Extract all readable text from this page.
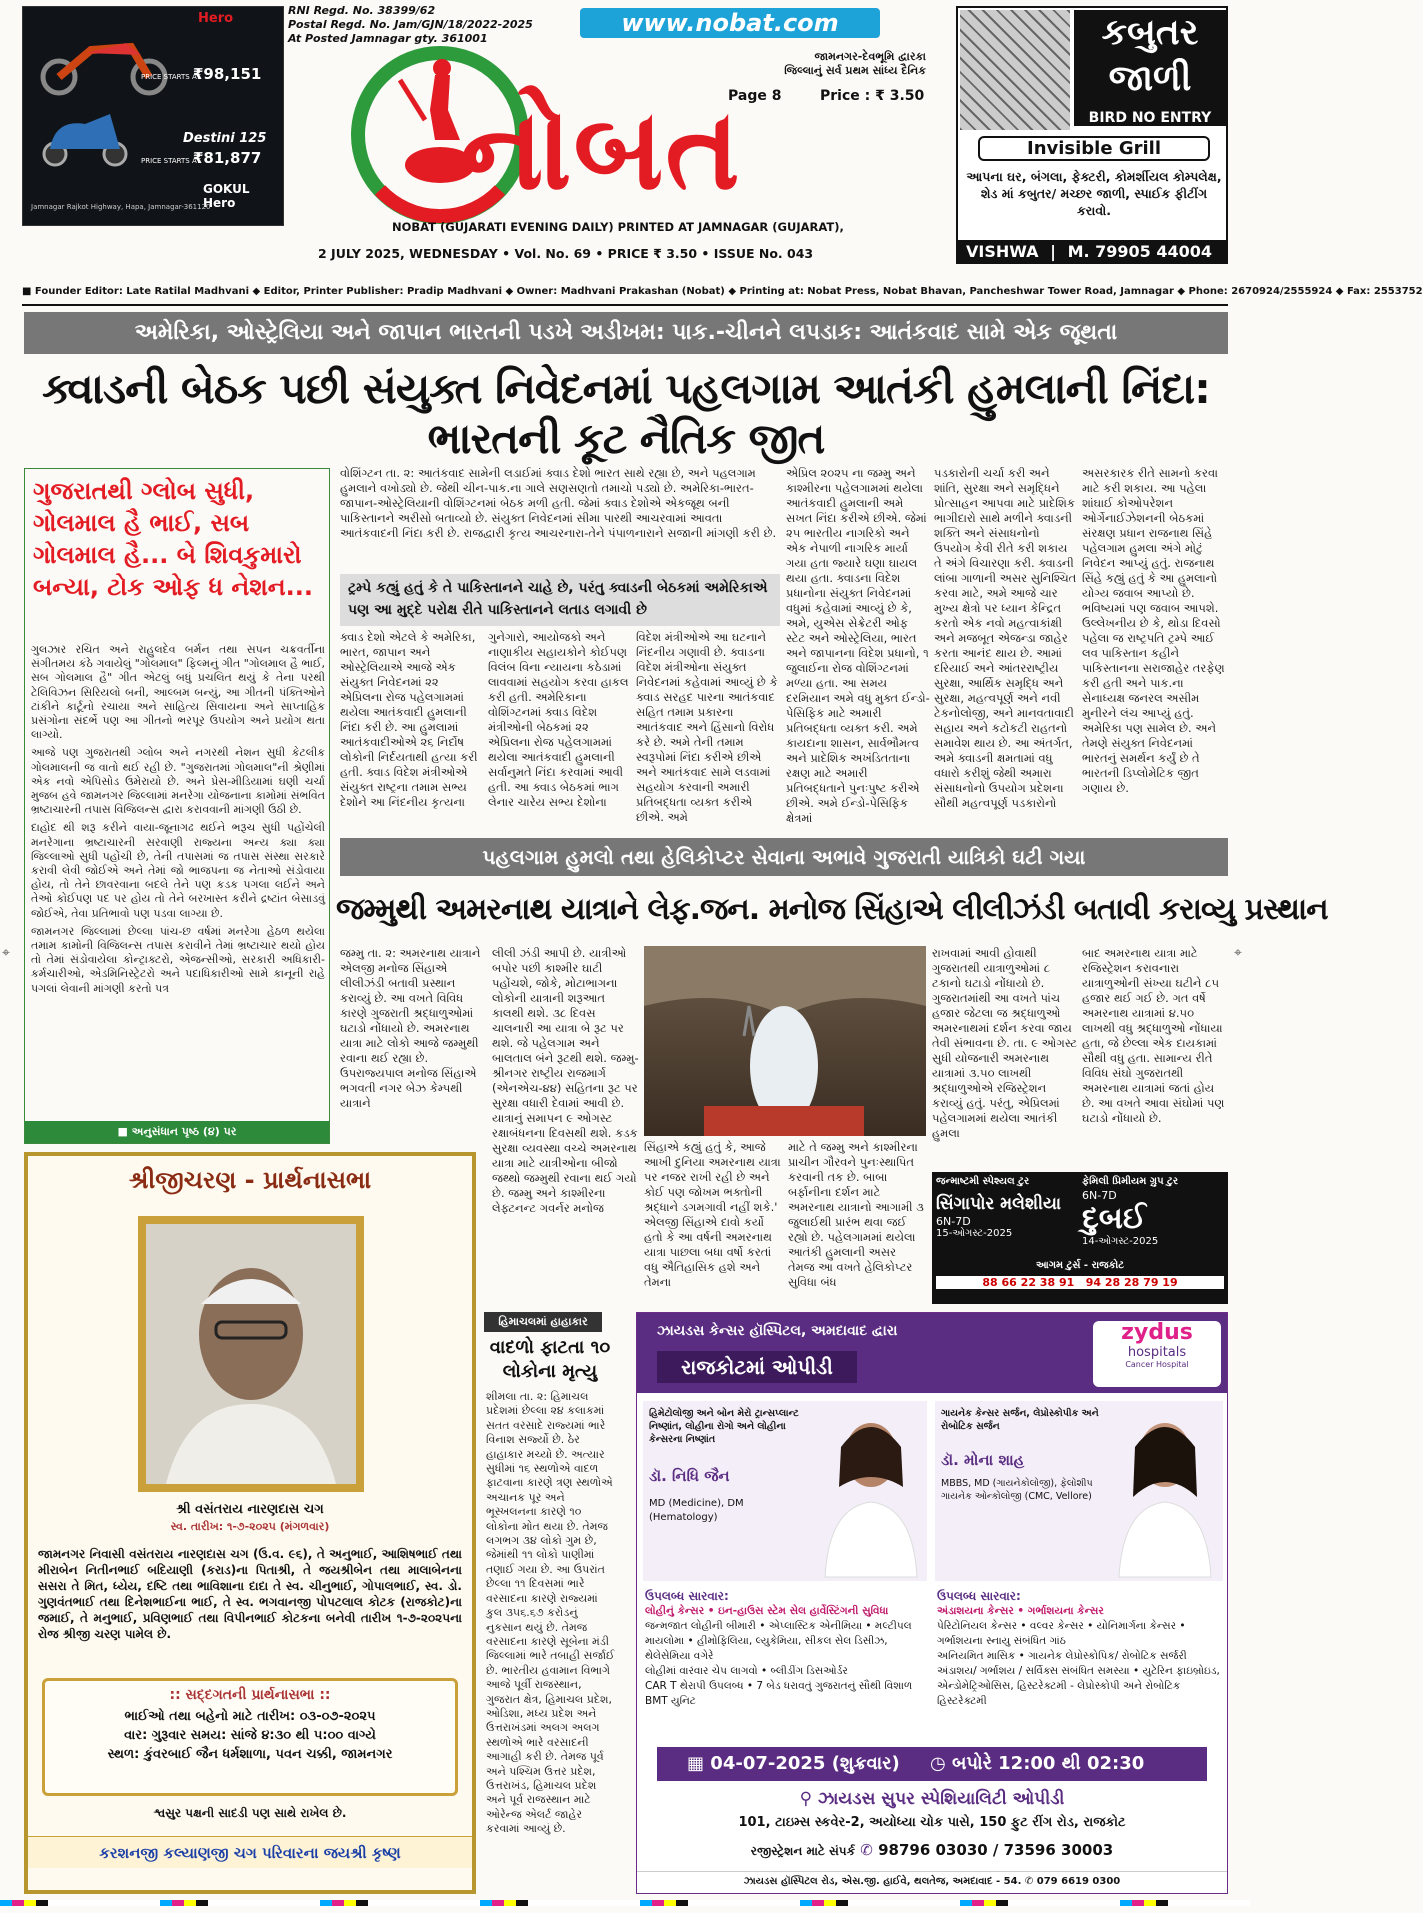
Hero
PRICE STARTS AT
₹98,151
Destini 125
PRICE STARTS AT
₹81,877
GOKUL Hero
Jamnagar Rajkot Highway, Hapa, Jamnagar-361120
RNI Regd. No. 38399/62
Postal Regd. No. Jam/GJN/18/2022-2025
At Posted Jamnagar gty. 361001
www.nobat.com
જામનગર-દેવભૂમિ દ્વારકા
જિલ્લાનું સર્વ પ્રથમ સાંધ્ય દૈનિક
Page 8	Price : ₹ 3.50
નોબત
NOBAT (GUJARATI EVENING DAILY) PRINTED AT JAMNAGAR (GUJARAT),
2 JULY 2025, WEDNESDAY • Vol. No. 69 • PRICE ₹ 3.50 • ISSUE No. 043
કબુતર જાળી
BIRD NO ENTRY
Invisible Grill
આપના ઘર, બંગલા, ફેક્ટરી, કોમર્શીયલ કોમ્પલેક્ષ, શેડ માં કબુતર/ મચ્છર જાળી, સ્પાઈક ફીટીંગ કરાવો.
VISHWA | M. 79905 44004
■ Founder Editor: Late Ratilal Madhvani ◆ Editor, Printer Publisher: Pradip Madhvani ◆ Owner: Madhvani Prakashan (Nobat) ◆ Printing at: Nobat Press, Nobat Bhavan, Pancheshwar Tower Road, Jamnagar ◆ Phone: 2670924/2555924 ◆ Fax: 2553752
અમેરિકા, ઓસ્ટ્રેલિયા અને જાપાન ભારતની પડખે અડીખમ: પાક.-ચીનને લપડાક: આતંકવાદ સામે એક જૂથતા
ક્વાડની બેઠક પછી સંયુક્ત નિવેદનમાં પહલગામ આતંકી હુમલાની નિંદા: ભારતની કૂટ નૈતિક જીત
ગુજરાતથી ગ્લોબ સુધી, ગોલમાલ હૈ ભાઈ, સબ ગોલમાલ હૈ... બે શિવકુમારો બન્યા, ટોક ઓફ ધ નેશન...

ગુલઝાર રચિત અને રાહુલદેવ બર્મન તથા સપન ચક્રવર્તીના સંગીતમય કંઠે ગવાયેલું "ગોલમાલ" ફિલ્મનું ગીત "ગોલમાલ હૈ ભાઈ, સબ ગોલમાલ હૈ" ગીત એટલું બધું પ્રચલિત થયું કે તેના પરથી ટેલિવિઝન સિરિયલો બની, આલ્બમ બન્યું, આ ગીતની પંક્તિઓને ટાંકીને કાર્ટૂનો રચાયા અને સાહિત્ય સિવાયના અને સાપ્તાહિક પ્રસંગોના સંદર્ભે પણ આ ગીતનો ભરપૂર ઉપયોગ અને પ્રયોગ થતા લાગ્યો.

આજે પણ ગુજરાતથી ગ્લોબ અને નગરથી નેશન સુધી કેટલીક ગોલમાલની જ વાતો થઈ રહી છે. "ગુજરાતમાં ગોલમાલ"ની શ્રેણીમાં એક નવો એપિસોડ ઉમેરાયો છે. અને પ્રેસ-મીડિયામાં ઘણી ચર્ચા મુજબ હવે જામનગર જિલ્લામાં મનરેગા યોજનાના કામોમાં સંભવિત ભ્રષ્ટાચારની તપાસ વિજિલન્સ દ્વારા કરાવવાની માંગણી ઉઠી છે.

દાહોદ થી શરૂ કરીને વાયા-જૂનાગઢ થઈને ભરૂચ સુધી પહોંચેલી મનરેગાના ભ્રષ્ટાચારની સરવાણી રાજ્યના અન્ય ક્યા ક્યા જિલ્લાઓ સુધી પહોંચી છે, તેની તપાસમાં જ તપાસ સંસ્થા સરકારે કરાવી લેવી જોઈએ અને તેમાં જો ભાજપના જ નેતાઓ સંડોવાયા હોય, તો તેને છાવરવાના બદલે તેને પણ કડક પગલા લઈને અને તેઓ કોઈપણ પદ પર હોય તો તેને બરખાસ્ત કરીને દ્રષ્ટાંત બેસાડવું જોઈએ, તેવા પ્રતિભાવો પણ પડવા લાગ્યા છે.

જામનગર જિલ્લામાં છેલ્લા પાંચ-છ વર્ષમાં મનરેગા હેઠળ થયેલા તમામ કામોની વિજિલન્સ તપાસ કરાવીને તેમાં ભ્રષ્ટાચાર થયો હોય તો તેમાં સંડોવાયેલા કોન્ટ્રાક્ટરો, એજન્સીઓ, સરકારી અધિકારી-કર્મચારીઓ, એડમિનિસ્ટ્રેટરો અને પદાધિકારીઓ સામે કાનૂની રાહે પગલાં લેવાની માંગણી કરતો પત્ર

■ અનુસંધાન પૃષ્ઠ (૪) પર
વોશિંગ્ટન તા. ૨: આતંકવાદ સામેની લડાઈમાં ક્વાડ દેશો ભારત સાથે રહ્યા છે, અને પહલગામ હુમલાને વખોડ્યો છે. જેથી ચીન-પાક.ના ગાલે સણસણતો તમાચો પડ્યો છે. અમેરિકા-ભારત-જાપાન-ઓસ્ટ્રેલિયાની વોશિંગ્ટનમાં બેઠક મળી હતી. જેમાં ક્વાડ દેશોએ એકજૂથ બની પાકિસ્તાનને અરીસો બતાવ્યો છે. સંયુક્ત નિવેદનમાં સીમા પારથી આચરવામાં આવતા આતંકવાદની નિંદા કરી છે. રાજદ્વારી કૃત્ય આચરનારા-તેને પંપાળનારાને સજાની માંગણી કરી છે.
ટ્રમ્પે કહ્યું હતું કે તે પાકિસ્તાનને ચાહે છે, પરંતુ ક્વાડની બેઠકમાં અમેરિકાએ પણ આ મુદ્દે પરોક્ષ રીતે પાકિસ્તાનને લતાડ લગાવી છે
ક્વાડ દેશો એટલે કે અમેરિકા, ભારત, જાપાન અને ઓસ્ટ્રેલિયાએ આજે એક સંયુક્ત નિવેદનમાં ૨૨ એપ્રિલના રોજ પહેલગામમાં થયેલા આતંકવાદી હુમલાની નિંદા કરી છે. આ હુમલામાં આતંકવાદીઓએ ૨૬ નિર્દોષ લોકોની નિર્દયતાથી હત્યા કરી હતી. ક્વાડ વિદેશ મંત્રીઓએ સંયુક્ત રાષ્ટ્રના તમામ સભ્ય દેશોને આ નિંદનીય કૃત્યના
ગુનેગારો, આયોજકો અને નાણાકીય સહાયકોને કોઈપણ વિલંબ વિના ન્યાયના કઠેડામાં લાવવામાં સહયોગ કરવા હાકલ કરી હતી. અમેરિકાના વોશિંગ્ટનમાં ક્વાડ વિદેશ મંત્રીઓની બેઠકમાં ૨૨ એપ્રિલના રોજ પહેલગામમાં થયેલા આતંકવાદી હુમલાની સર્વાનુમતે નિંદા કરવામાં આવી હતી. આ ક્વાડ બેઠકમાં ભાગ લેનાર ચારેય સભ્ય દેશોના
વિદેશ મંત્રીઓએ આ ઘટનાને નિંદનીય ગણાવી છે. ક્વાડના વિદેશ મંત્રીઓના સંયુક્ત નિવેદનમાં કહેવામાં આવ્યું છે કે ક્વાડ સરહદ પારના આતંકવાદ સહિત તમામ પ્રકારના આતંકવાદ અને હિંસાનો વિરોધ કરે છે. અમે તેની તમામ સ્વરૂપોમાં નિંદા કરીએ છીએ અને આતંકવાદ સામે લડવામાં સહયોગ કરવાની અમારી પ્રતિબદ્ધતા વ્યક્ત કરીએ છીએ. અમે
એપ્રિલ ૨૦૨૫ ના જમ્મુ અને કાશ્મીરના પહેલગામમાં થયેલા આતંકવાદી હુમલાની અમે સખત નિંદા કરીએ છીએ. જેમાં ૨૫ ભારતીય નાગરિકો અને એક નેપાળી નાગરિક માર્યા ગયા હતા જ્યારે ઘણા ઘાયલ થયા હતા. ક્વાડના વિદેશ પ્રધાનોના સંયુક્ત નિવેદનમાં વધુમાં કહેવામાં આવ્યું છે કે, અમે, યુએસ સેક્રેટરી ઓફ સ્ટેટ અને ઓસ્ટ્રેલિયા, ભારત અને જાપાનના વિદેશ પ્રધાનો, ૧ જુલાઈના રોજ વોશિંગ્ટનમાં મળ્યા હતા. આ સમય દરમિયાન અમે વધુ મુક્ત ઈન્ડો-પેસિફિક માટે અમારી પ્રતિબદ્ધતા વ્યક્ત કરી. અમે કાયદાના શાસન, સાર્વભૌમત્વ અને પ્રાદેશિક અખંડિતતાના રક્ષણ માટે અમારી પ્રતિબદ્ધતાને પુનઃપુષ્ટ કરીએ છીએ. અમે ઈન્ડો-પેસિફિક ક્ષેત્રમાં
પડકારોની ચર્ચા કરી અને શાંતિ, સુરક્ષા અને સમૃદ્ધિને પ્રોત્સાહન આપવા માટે પ્રાદેશિક ભાગીદારો સાથે મળીને ક્વાડની શક્તિ અને સંસાધનોનો ઉપયોગ કેવી રીતે કરી શકાય તે અંગે વિચારણા કરી. ક્વાડની લાંબા ગાળાની અસર સુનિશ્ચિત કરવા માટે, અમે આજે ચાર મુખ્ય ક્ષેત્રો પર ધ્યાન કેન્દ્રિત કરતો એક નવો મહત્વાકાંક્ષી અને મજબૂત એજન્ડા જાહેર કરતા આનંદ થાય છે. આમાં દરિયાઈ અને આંતરરાષ્ટ્રીય સુરક્ષા, આર્થિક સમૃદ્ધિ અને સુરક્ષા, મહત્વપૂર્ણ અને નવી ટેકનોલોજી, અને માનવતાવાદી સહાય અને કટોકટી રાહતનો સમાવેશ થાય છે. આ અંતર્ગત, અમે ક્વાડની ક્ષમતામાં વધુ વધારો કરીશું જેથી અમારા સંસાધનોનો ઉપયોગ પ્રદેશના સૌથી મહત્વપૂર્ણ પડકારોનો
અસરકારક રીતે સામનો કરવા માટે કરી શકાય. આ પહેલા શાંઘાઈ કોઓપરેશન ઓર્ગેનાઈઝેશનની બેઠકમાં સંરક્ષણ પ્રધાન રાજનાથ સિંહે પહેલગામ હુમલા અંગે મોટું નિવેદન આપ્યું હતું. રાજનાથ સિંહે કહ્યું હતું કે આ હુમલાનો યોગ્ય જવાબ આપ્યો છે. ભવિષ્યમાં પણ જવાબ આપશે. ઉલ્લેખનીય છે કે, થોડા દિવસો પહેલા જ રાષ્ટ્રપતિ ટ્રમ્પે આઈ લવ પાકિસ્તાન કહીને પાકિસ્તાનના સરાજાહેર તરફેણ કરી હતી અને પાક.ના સેનાધ્યક્ષ જનરલ અસીમ મુનીરને લંચ આપ્યું હતું. અમેરિકા પણ સામેલ છે. અને તેમણે સંયુક્ત નિવેદનમાં ભારતનું સમર્થન કર્યું છે તે ભારતની ડિપ્લોમેટિક જીત ગણાય છે.
પહલગામ હુમલો તથા હેલિકોપ્ટર સેવાના અભાવે ગુજરાતી યાત્રિકો ઘટી ગયા
જમ્મુથી અમરનાથ યાત્રાને લેફ.જન. મનોજ સિંહાએ લીલીઝંડી બતાવી કરાવ્યુ પ્રસ્થાન
જમ્મુ તા. ૨: અમરનાથ યાત્રાને એલજી મનોજ સિંહાએ લીલીઝંડી બતાવી પ્રસ્થાન કરાવ્યું છે. આ વખતે વિવિધ કારણે ગુજરાતી શ્રદ્ધાળુઓમાં ઘટાડો નોંધાયો છે. અમરનાથ યાત્રા માટે લોકો આજે જમ્મુથી રવાના થઈ રહ્યા છે. ઉપરાજ્યપાલ મનોજ સિંહાએ ભગવતી નગર બેઝ કેમ્પથી યાત્રાને
લીલી ઝંડી આપી છે. યાત્રીઓ બપોર પછી કાશ્મીર ઘાટી પહોંચશે, જોકે, મોટાભાગના લોકોની યાત્રાની શરૂઆત કાલથી થશે. ૩૮ દિવસ ચાલનારી આ યાત્રા બે રૂટ પર થશે. જે પહેલગામ અને બાલતાલ બંને રૂટથી થશે. જમ્મુ-શ્રીનગર રાષ્ટ્રીય રાજમાર્ગ (એનએચ-૪૪) સહિતના રૂટ પર સુરક્ષા વધારી દેવામાં આવી છે. યાત્રાનું સમાપન ૯ ઓગસ્ટ રક્ષાબંધનના દિવસથી થશે. કડક સુરક્ષા વ્યવસ્થા વચ્ચે અમરનાથ યાત્રા માટે યાત્રીઓના બીજો જથ્થો જમ્મુથી રવાના થઈ ગયો છે. જમ્મુ અને કાશ્મીરના લેફ્ટનન્ટ ગવર્નર મનોજ
સિંહાએ કહ્યું હતું કે, આજે આખી દુનિયા અમરનાથ યાત્રા પર નજર રાખી રહી છે અને કોઈ પણ જોખમ ભક્તોની શ્રદ્ધાને ડગમગાવી નહીં શકે.' એલજી સિંહાએ દાવો કર્યો હતો કે આ વર્ષની અમરનાથ યાત્રા પાછલા બધા વર્ષો કરતાં વધુ ઐતિહાસિક હશે અને તેમના
માટે તે જમ્મુ અને કાશ્મીરના પ્રાચીન ગૌરવને પુનઃસ્થાપિત કરવાની તક છે. બાબા બર્ફાનીના દર્શન માટે અમરનાથ યાત્રાનો આગામી ૩ જુલાઈથી પ્રારંભ થવા જઈ રહ્યો છે. પહેલગામમાં થયેલા આતંકી હુમલાની અસર તેમજ આ વખતે હેલિકોપ્ટર સુવિધા બંધ
રાખવામાં આવી હોવાથી ગુજરાતથી યાત્રાળુઓમાં ૮ ટકાનો ઘટાડો નોંધાયો છે. ગુજરાતમાંથી આ વખતે પાંચ હજાર જેટલા જ શ્રદ્ધાળુઓ અમરનાથમાં દર્શન કરવા જાય તેવી સંભાવના છે. તા. ૯ ઓગસ્ટ સુધી યોજનારી અમરનાથ યાત્રામાં ૩.૫૦ લાખથી શ્રદ્ધાળુઓએ રજિસ્ટ્રેશન કરાવ્યું હતું. પરંતુ, એપ્રિલમાં પહેલગામમાં થયેલા આતંકી હુમલા
બાદ અમરનાથ યાત્રા માટે રજિસ્ટ્રેશન કરાવનારા યાત્રાળુઓની સંખ્યા ઘટીને ૮૫ હજાર થઈ ગઈ છે. ગત વર્ષે અમરનાથ યાત્રામાં ૪.૫૦ લાખથી વધુ શ્રદ્ધાળુઓ નોંધાયા હતા, જે છેલ્લા એક દાયકામાં સૌથી વધુ હતા. સામાન્ય રીતે વિવિધ સંઘો ગુજરાતથી અમરનાથ યાત્રામાં જતાં હોય છે. આ વખતે આવા સંઘોમાં પણ ઘટાડો નોંધાયો છે.
જન્માષ્ટમી સ્પેશ્યલ ટુર
સિંગાપોર મલેશીયા
6N-7D
15-ઓગસ્ટ-2025
ફેમિલી પ્રિમીયમ ગ્રુપ ટુર
6N-7D
દુબઈ
14-ઓગસ્ટ-2025
આગમ ટુર્સ - રાજકોટ
88 66 22 38 91 94 28 28 79 19
શ્રીજીચરણ - પ્રાર્થનાસભા
શ્રી વસંતરાય નારણદાસ ચગ
સ્વ. તારીખ: ૧-૭-૨૦૨૫ (મંગળવાર)
જામનગર નિવાસી વસંતરાય નારણદાસ ચગ (ઉ.વ. ૯૬), તે અનુભાઈ, આશિષભાઈ તથા મીરાબેન નિતીનભાઈ બદિયાણી (કરાડ)ના પિતાશ્રી, તે જયશ્રીબેન તથા માલાબેનના સસરા તે મિત, ધ્યેય, દષ્ટિ તથા ભાવિશાના દાદા તે સ્વ. ચીનુભાઈ, ગોપાલભાઈ, સ્વ. ડો. ગુણવંતભાઈ તથા દિનેશભાઈના ભાઈ, તે સ્વ. ભગવાનજી પોપટલાલ કોટક (રાજકોટ)ના જમાઈ, તે મનુભાઈ, પ્રવિણભાઈ તથા વિપીનભાઈ કોટકના બનેવી તારીખ ૧-૭-૨૦૨૫ના રોજ શ્રીજી ચરણ પામેલ છે.
:: સદ્દગતની પ્રાર્થનાસભા ::
ભાઈઓ તથા બહેનો માટે તારીખ: ૦૩-૦૭-૨૦૨૫
વાર: ગુરૂવાર સમય: સાંજે ૪:૩૦ થી ૫:૦૦ વાગ્યે
સ્થળ: કુંવરબાઈ જૈન ધર્મશાળા, પવન ચક્કી, જામનગર
શ્વસુર પક્ષની સાદડી પણ સાથે રાખેલ છે.
કરશનજી કલ્યાણજી ચગ પરિવારના જયશ્રી કૃષ્ણ
હિમાચલમાં હાહાકાર
વાદળો ફાટતા ૧૦ લોકોના મૃત્યુ
શીમલા તા. ૨: હિમાચલ પ્રદેશમાં છેલ્લા ૨૪ કલાકમાં સતત વરસાદે રાજ્યમાં ભારે વિનાશ સર્જ્યો છે. ઠેર હાહાકાર મચ્યો છે. અત્યાર સુધીમાં ૧૬ સ્થળોએ વાદળ ફાટવાના કારણે ત્રણ સ્થળોએ અચાનક પૂર અને ભૂસ્ખલનના કારણે ૧૦ લોકોના મોત થયા છે. તેમજ લગભગ ૩૪ લોકો ગુમ છે, જેમાંથી ૧૧ લોકો પાણીમાં તણાઈ ગયા છે. આ ઉપરાંત છેલ્લા ૧૧ દિવસમાં ભારે વરસાદના કારણે રાજ્યમાં કુલ ૩૫૬.૬૭ કરોડનું નુકસાન થયું છે. તેમજ વરસાદના કારણે સૂબેના મંડી જિલ્લામાં ભારે તબાહી સર્જાઈ છે. ભારતીય હવામાન વિભાગે આજે પૂર્વી રાજસ્થાન, ગુજરાત ક્ષેત્ર, હિમાચલ પ્રદેશ, ઓડિશા, મધ્ય પ્રદેશ અને ઉત્તરાખંડમાં અલગ અલગ સ્થળોએ ભારે વરસાદની આગાહી કરી છે. તેમજ પૂર્વ અને પશ્ચિમ ઉત્તર પ્રદેશ, ઉત્તરાખંડ, હિમાચલ પ્રદેશ અને પૂર્વ રાજસ્થાન માટે ઓરેન્જ એલર્ટ જાહેર કરવામાં આવ્યું છે.
ઝાયડસ કેન્સર હૉસ્પિટલ, અમદાવાદ દ્વારા
રાજકોટમાં ઓપીડી
zydus
hospitals
Cancer Hospital
હિમેટોલોજી અને બોન મેરો ટ્રાન્સપ્લાન્ટ નિષ્ણાંત, લોહીના રોગો અને લોહીના કેન્સરના નિષ્ણાંત
ડૉ. નિધિ જૈન
MD (Medicine), DM (Hematology)
ગાયનેક કેન્સર સર્જન, લેપ્રોસ્કોપીક અને રોબોટિક સર્જન
ડૉ. મોના શાહ
MBBS, MD (ગાયનેકોલોજી), ફેલોશીપ ગાયનેક ઓન્કોલોજી (CMC, Vellore)
ઉપલબ્ધ સારવાર:
લોહીનું કેન્સર • ઇન-હાઉસ સ્ટેમ સેલ હાર્વેસ્ટિંગની સુવિધા
જન્મજાત લોહીની બીમારી • એપ્લાસ્ટિક એનીમિયા • મલ્ટીપલ માયલોમા • હીમોફિલિયા, લ્યુકેમિયા, સીકલ સેલ ડિસીઝ, થેલેસેમિયા વગેરે
લોહીમાં વારંવાર ચેપ લાગવો • બ્લીડીંગ ડિસઓર્ડર
CAR T થેરાપી ઉપલબ્ધ • 7 બેડ ધરાવતું ગુજરાતનું સૌથી વિશાળ BMT યુનિટ
ઉપલબ્ધ સારવાર:
અંડાશયના કેન્સર • ગર્ભાશયના કેન્સર
પેરિટોનિયલ કેન્સર • વલ્વર કેન્સર • યોનિમાર્ગના કેન્સર • ગર્ભાશયના સ્નાયુ સંબંધિત ગાંઠ
અનિયમિત માસિક • ગાયનેક લેપ્રોસ્કોપિક/ રોબોટિક સર્જરી અંડાશય/ ગર્ભાશય / સર્વિક્સ સંબંધિત સમસ્યા • યુટેરિન ફાઇબ્રોઇડ, એન્ડોમેટ્રિઓસિસ, હિસ્ટરેક્ટમી - લેપ્રોસ્કોપી અને રોબોટિક હિસ્ટરેક્ટમી
▦ 04-07-2025 (શુક્રવાર) ◷ બપોરે 12:00 થી 02:30
⚲ ઝાયડસ સુપર સ્પેશિયાલિટી ઓપીડી
101, ટાઇમ્સ સ્કવેર-2, અયોધ્યા ચોક પાસે, 150 ફુટ રીંગ રોડ, રાજકોટ
રજીસ્ટ્રેશન માટે સંપર્ક ✆ 98796 03030 / 73596 30003
ઝાયડસ હૉસ્પિટલ રોડ, એસ.જી. હાઈવે, થલતેજ, અમદાવાદ - 54. ✆ 079 6619 0300
⌖	⌖
